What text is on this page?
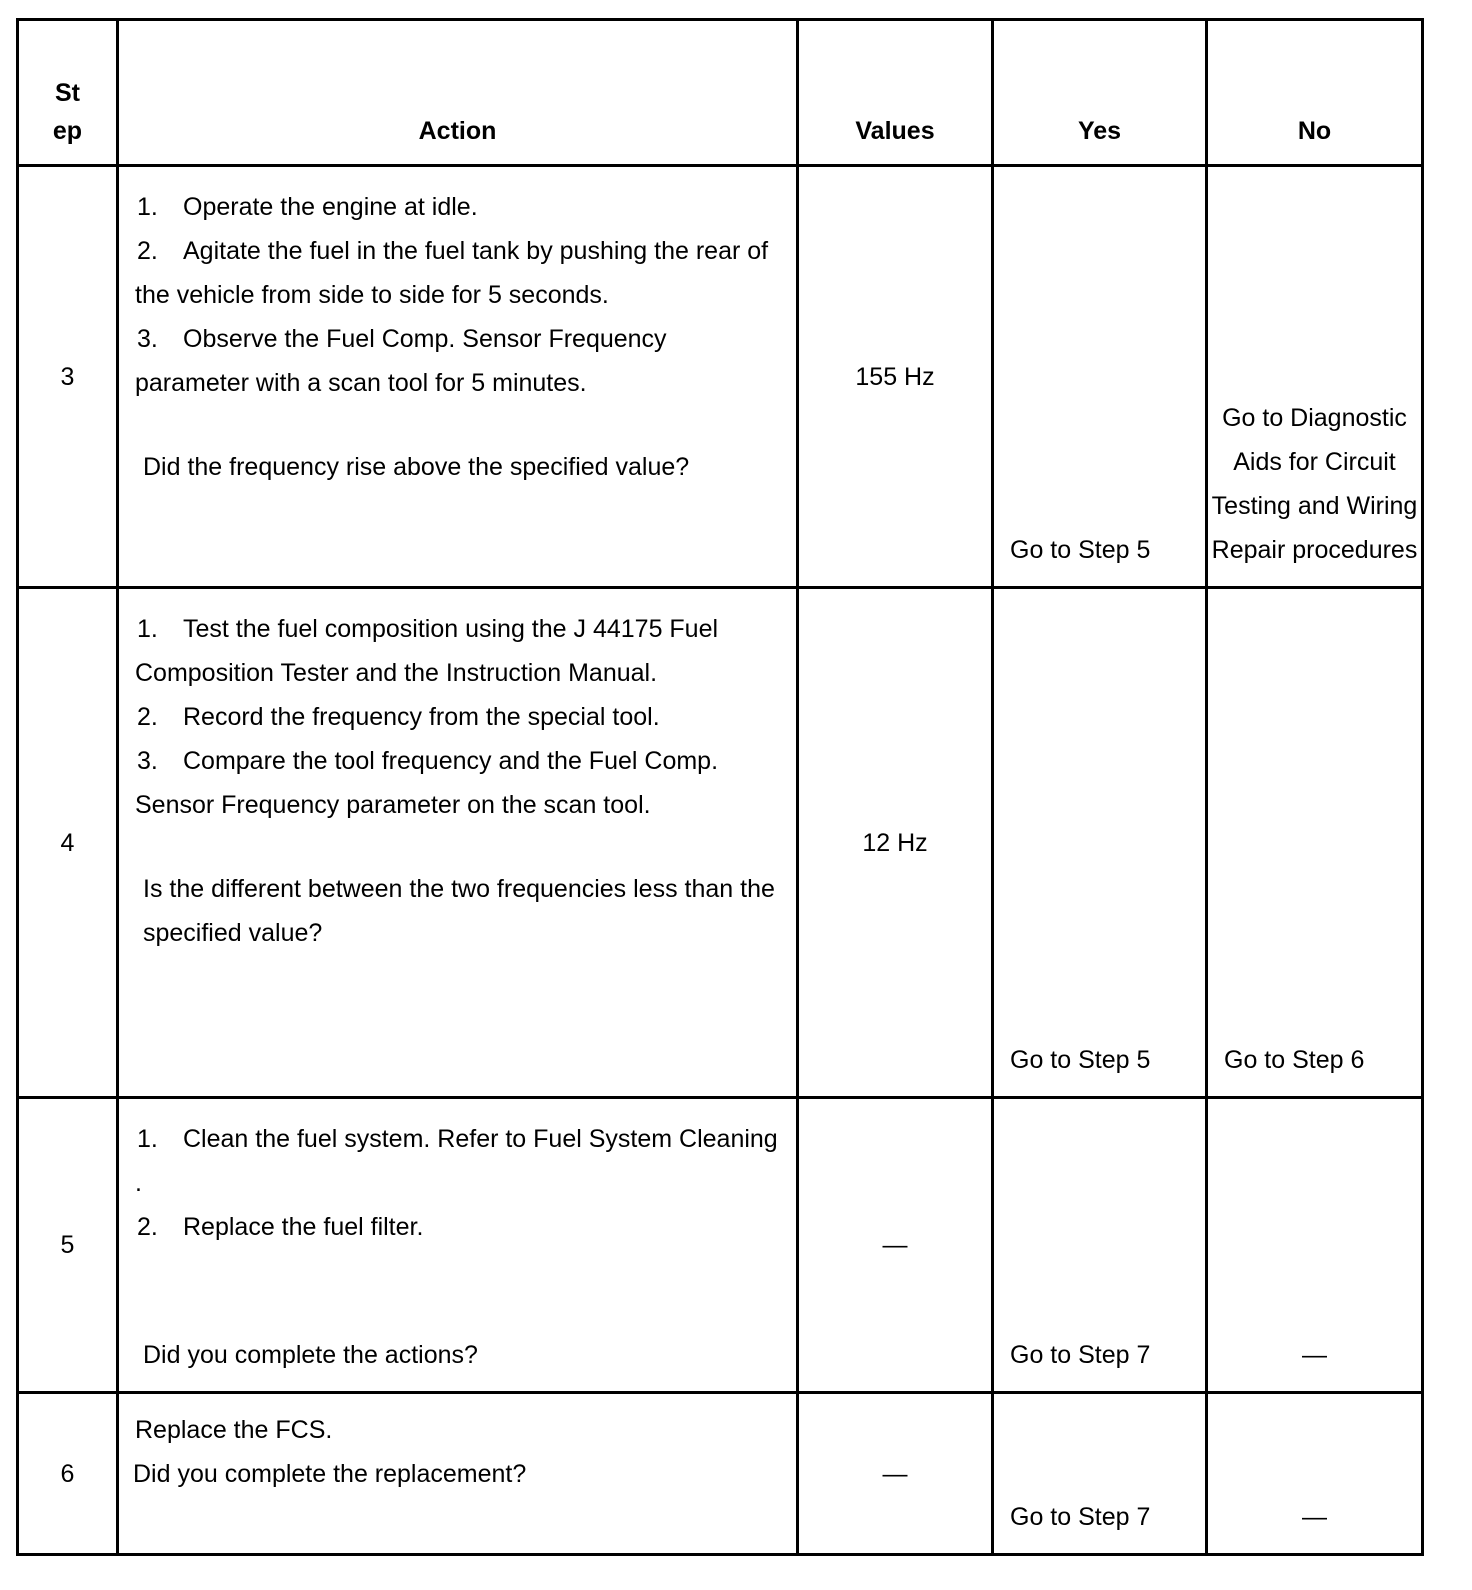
St
ep	Action	Values	Yes	No
3	1. Operate the engine at idle.
2. Agitate the fuel in the fuel tank by pushing the rear of the vehicle from side to side for 5 seconds.
3. Observe the Fuel Comp. Sensor Frequency parameter with a scan tool for 5 minutes.
Did the frequency rise above the specified value?	155 Hz	Go to Step 5	Go to Diagnostic Aids for Circuit Testing and Wiring Repair procedures

4	1. Test the fuel composition using the J 44175 Fuel Composition Tester and the Instruction Manual.
2. Record the frequency from the special tool.
3. Compare the tool frequency and the Fuel Comp. Sensor Frequency parameter on the scan tool.
Is the different between the two frequencies less than the specified value?	12 Hz	Go to Step 5	Go to Step 6
5	1. Clean the fuel system. Refer to Fuel System Cleaning .
2. Replace the fuel filter.
Did you complete the actions?	—	Go to Step 7	—
6	Replace the FCS.
Did you complete the replacement?	—	Go to Step 7	—
